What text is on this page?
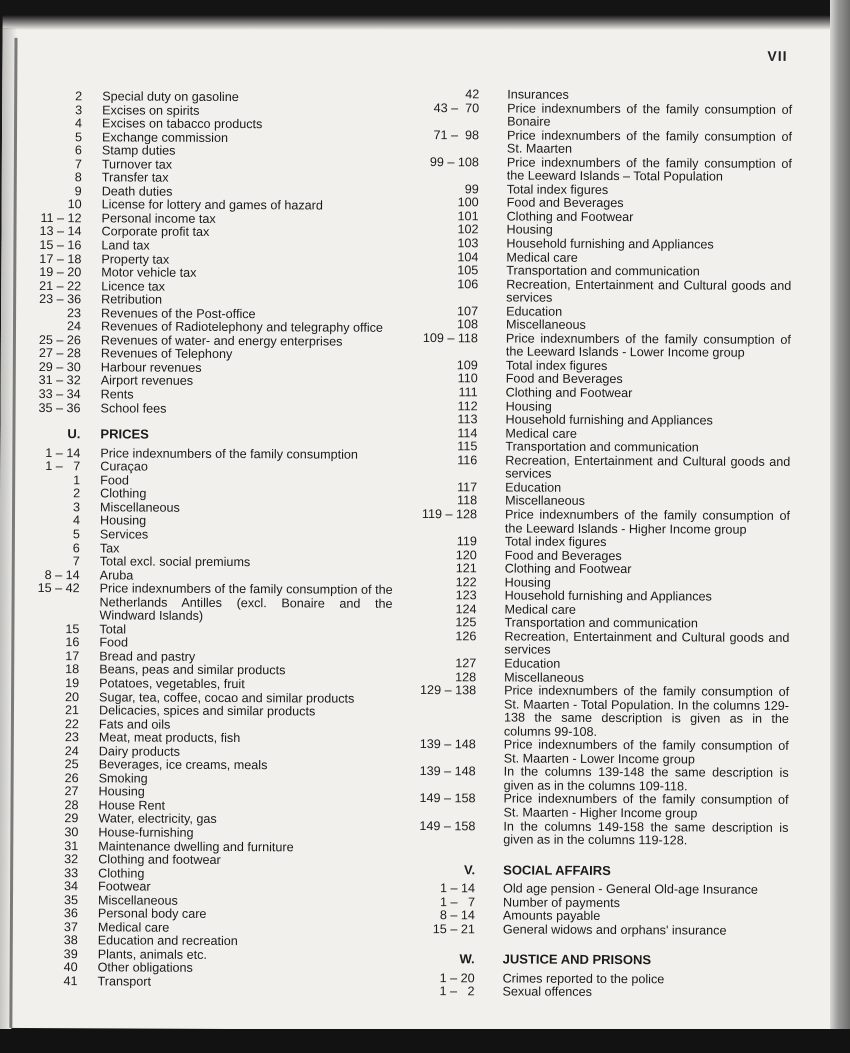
VII
2	Special duty on gasoline
3	Excises on spirits
4	Excises on tabacco products
5	Exchange commission
6	Stamp duties
7	Turnover tax
8	Transfer tax
9	Death duties
10	License for lottery and games of hazard
11 – 12	Personal income tax
13 – 14	Corporate profit tax
15 – 16	Land tax
17 – 18	Property tax
19 – 20	Motor vehicle tax
21 – 22	Licence tax
23 – 36	Retribution
23	Revenues of the Post-office
24	Revenues of Radiotelephony and telegraphy office
25 – 26	Revenues of water- and energy enterprises
27 – 28	Revenues of Telephony
29 – 30	Harbour revenues
31 – 32	Airport revenues
33 – 34	Rents
35 – 36	School fees
U.	PRICES
1 – 14	Price indexnumbers of the family consumption
1 –   7	Curaçao
1	Food
2	Clothing
3	Miscellaneous
4	Housing
5	Services
6	Tax
7	Total excl. social premiums
8 – 14	Aruba
15 – 42	Price indexnumbers of the family consumption of the Netherlands Antilles (excl. Bonaire and the Windward Islands)
15	Total
16	Food
17	Bread and pastry
18	Beans, peas and similar products
19	Potatoes, vegetables, fruit
20	Sugar, tea, coffee, cocao and similar products
21	Delicacies, spices and similar products
22	Fats and oils
23	Meat, meat products, fish
24	Dairy products
25	Beverages, ice creams, meals
26	Smoking
27	Housing
28	House Rent
29	Water, electricity, gas
30	House-furnishing
31	Maintenance dwelling and furniture
32	Clothing and footwear
33	Clothing
34	Footwear
35	Miscellaneous
36	Personal body care
37	Medical care
38	Education and recreation
39	Plants, animals etc.
40	Other obligations
41	Transport
42	Insurances
43 –  70	Price indexnumbers of the family consumption of Bonaire
71 –  98	Price indexnumbers of the family consumption of St. Maarten
99 – 108	Price indexnumbers of the family consumption of the Leeward Islands – Total Population
99	Total index figures
100	Food and Beverages
101	Clothing and Footwear
102	Housing
103	Household furnishing and Appliances
104	Medical care
105	Transportation and communication
106	Recreation, Entertainment and Cultural goods and services
107	Education
108	Miscellaneous
109 – 118	Price indexnumbers of the family consumption of the Leeward Islands - Lower Income group
109	Total index figures
110	Food and Beverages
111	Clothing and Footwear
112	Housing
113	Household furnishing and Appliances
114	Medical care
115	Transportation and communication
116	Recreation, Entertainment and Cultural goods and services
117	Education
118	Miscellaneous
119 – 128	Price indexnumbers of the family consumption of the Leeward Islands - Higher Income group
119	Total index figures
120	Food and Beverages
121	Clothing and Footwear
122	Housing
123	Household furnishing and Appliances
124	Medical care
125	Transportation and communication
126	Recreation, Entertainment and Cultural goods and services
127	Education
128	Miscellaneous
129 – 138	Price indexnumbers of the family consumption of St. Maarten - Total Population. In the columns 129-138 the same description is given as in the columns 99-108.
139 – 148	Price indexnumbers of the family consumption of St. Maarten - Lower Income group
139 – 148	In the columns 139-148 the same description is given as in the columns 109-118.
149 – 158	Price indexnumbers of the family consumption of St. Maarten - Higher Income group
149 – 158	In the columns 149-158 the same description is given as in the columns 119-128.
V.	SOCIAL AFFAIRS
1 – 14	Old age pension - General Old-age Insurance
1 –   7	Number of payments
8 – 14	Amounts payable
15 – 21	General widows and orphans' insurance
W.	JUSTICE AND PRISONS
1 – 20	Crimes reported to the police
1 –   2	Sexual offences
